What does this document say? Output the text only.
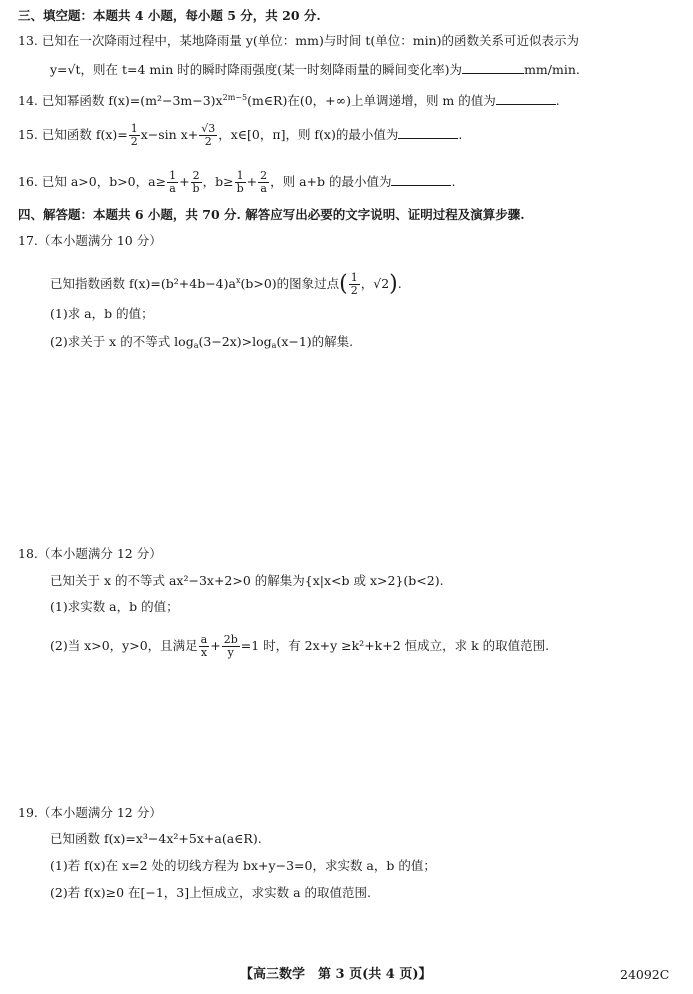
三、填空题：本题共 4 小题，每小题 5 分，共 20 分.
13. 已知在一次降雨过程中，某地降雨量 y(单位：mm)与时间 t(单位：min)的函数关系可近似表示为
y=√t，则在 t=4 min 时的瞬时降雨强度(某一时刻降雨量的瞬间变化率)为	mm/min.
14. 已知幂函数 $f(x)=(m^2-3m-3)x^{2m-5}(m\in R)$在(0，+∞)上单调递增，则 m 的值为	.
15. 已知函数 $f(x)= \frac{1}{2} x-\sin$ $x+ \frac{√3}{2}$ ，x∈[0，π]，则 f(x)的最小值为	.
16. 已知 a>0，b>0，$a\ge \frac{1}{a} + \frac{2}{b}$ ，$b\ge \frac{1}{b} + \frac{2}{a}$ ，则 a+b 的最小值为	.
四、解答题：本题共 6 小题，共 70 分. 解答应写出必要的文字说明、证明过程及演算步骤.
17.（本小题满分 10 分）
已知指数函数 $f(x)=(b^2+4b-4)a^x(b>0)$的图象过点( $\frac{1}{2}$ ，√2).
(1)求 a，b 的值；
(2)求关于 x 的不等式 $\log_a(3-2x)>\log_a(x-1)$的解集.
18.（本小题满分 12 分）
已知关于 x 的不等式 ax²−3x+2>0 的解集为{x|x<b 或 x>2}(b<2).
(1)求实数 a，b 的值；
(2)当 x>0，y>0，且满足 $\frac{a}{x} + \frac{2b}{y} =1$ 时，有 2x+y ≥k²+k+2 恒成立，求 k 的取值范围.
19.（本小题满分 12 分）
已知函数 f(x)=x³−4x²+5x+a(a∈R).
(1)若 f(x)在 x=2 处的切线方程为 bx+y−3=0，求实数 a，b 的值；
(2)若 f(x)≥0 在[−1，3]上恒成立，求实数 a 的取值范围.
【高三数学　第 3 页(共 4 页)】	24092C
